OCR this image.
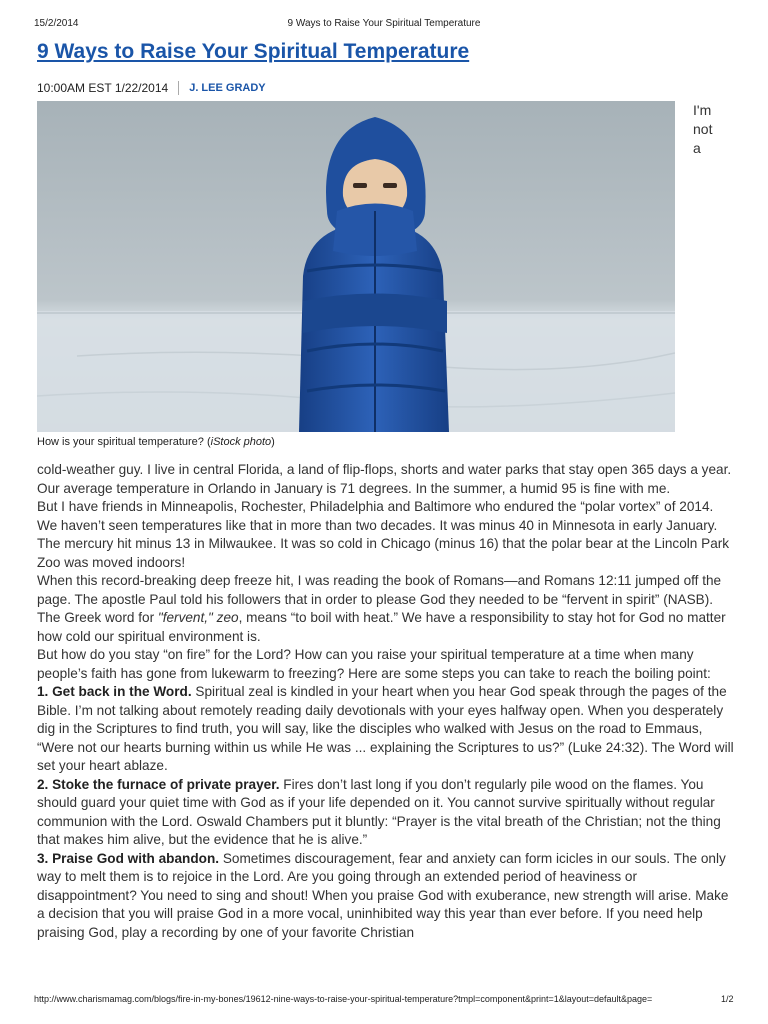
15/2/2014	9 Ways to Raise Your Spiritual Temperature
9 Ways to Raise Your Spiritual Temperature
10:00AM EST 1/22/2014 J. LEE GRADY
I'm
not
a
How is your spiritual temperature? (iStock photo)

cold-weather guy. I live in central Florida, a land of flip-flops, shorts and water parks that stay open 365 days a year. Our average temperature in Orlando in January is 71 degrees. In the summer, a humid 95 is fine with me.

But I have friends in Minneapolis, Rochester, Philadelphia and Baltimore who endured the “polar vortex” of 2014. We haven’t seen temperatures like that in more than two decades. It was minus 40 in Minnesota in early January. The mercury hit minus 13 in Milwaukee. It was so cold in Chicago (minus 16) that the polar bear at the Lincoln Park Zoo was moved indoors!

When this record-breaking deep freeze hit, I was reading the book of Romans—and Romans 12:11 jumped off the page. The apostle Paul told his followers that in order to please God they needed to be “fervent in spirit” (NASB). The Greek word for "fervent," zeo, means “to boil with heat.” We have a responsibility to stay hot for God no matter how cold our spiritual environment is.

But how do you stay “on fire” for the Lord? How can you raise your spiritual temperature at a time when many people’s faith has gone from lukewarm to freezing? Here are some steps you can take to reach the boiling point:

1. Get back in the Word. Spiritual zeal is kindled in your heart when you hear God speak through the pages of the Bible. I’m not talking about remotely reading daily devotionals with your eyes halfway open. When you desperately dig in the Scriptures to find truth, you will say, like the disciples who walked with Jesus on the road to Emmaus, “Were not our hearts burning within us while He was ... explaining the Scriptures to us?” (Luke 24:32). The Word will set your heart ablaze.

2. Stoke the furnace of private prayer. Fires don’t last long if you don’t regularly pile wood on the flames. You should guard your quiet time with God as if your life depended on it. You cannot survive spiritually without regular communion with the Lord. Oswald Chambers put it bluntly: “Prayer is the vital breath of the Christian; not the thing that makes him alive, but the evidence that he is alive.”

3. Praise God with abandon. Sometimes discouragement, fear and anxiety can form icicles in our souls. The only way to melt them is to rejoice in the Lord. Are you going through an extended period of heaviness or disappointment? You need to sing and shout! When you praise God with exuberance, new strength will arise. Make a decision that you will praise God in a more vocal, uninhibited way this year than ever before. If you need help praising God, play a recording by one of your favorite Christian

http://www.charismamag.com/blogs/fire-in-my-bones/19612-nine-ways-to-raise-your-spiritual-temperature?tmpl=component&print=1&layout=default&page=	1/2
